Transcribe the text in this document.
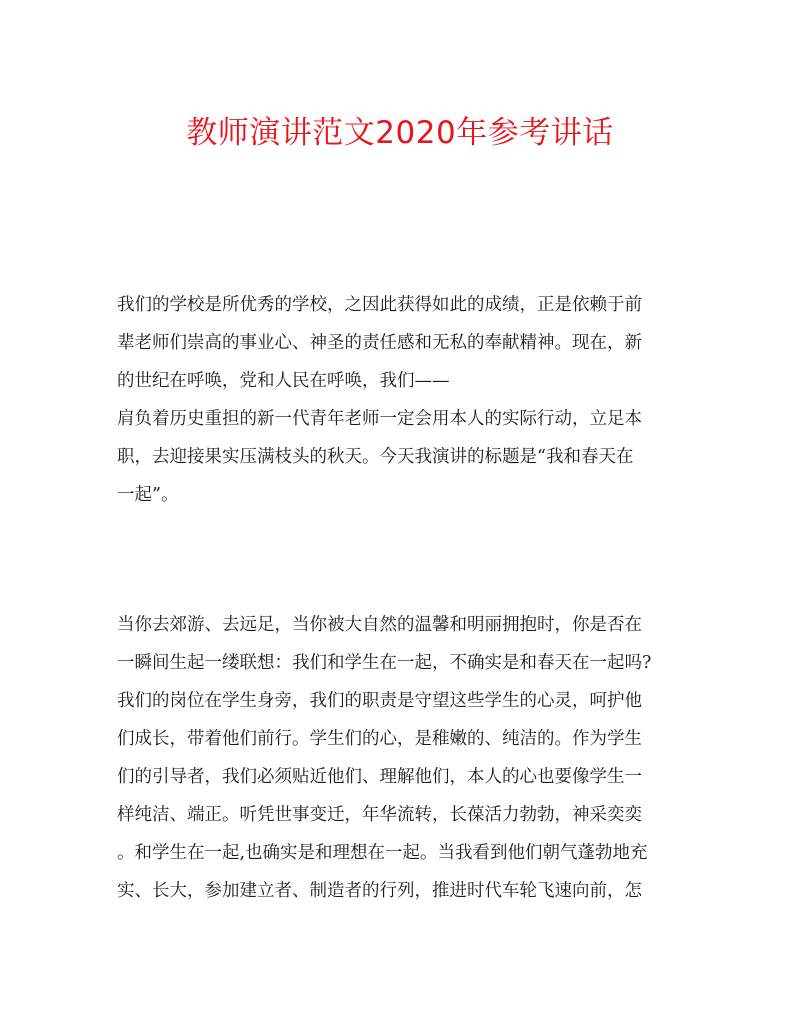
教师演讲范文2020年参考讲话
我们的学校是所优秀的学校，之因此获得如此的成绩，正是依赖于前
辈老师们崇高的事业心、神圣的责任感和无私的奉献精神。现在，新
的世纪在呼唤，党和人民在呼唤，我们——
肩负着历史重担的新一代青年老师一定会用本人的实际行动，立足本
职，去迎接果实压满枝头的秋天。今天我演讲的标题是“我和春天在
一起”。
当你去郊游、去远足，当你被大自然的温馨和明丽拥抱时，你是否在
一瞬间生起一缕联想：我们和学生在一起，不确实是和春天在一起吗?
我们的岗位在学生身旁，我们的职责是守望这些学生的心灵，呵护他
们成长，带着他们前行。学生们的心，是稚嫩的、纯洁的。作为学生
们的引导者，我们必须贴近他们、理解他们，本人的心也要像学生一
样纯洁、端正。听凭世事变迁，年华流转，长葆活力勃勃，神采奕奕
。和学生在一起,也确实是和理想在一起。当我看到他们朝气蓬勃地充
实、长大，参加建立者、制造者的行列，推进时代车轮飞速向前，怎
